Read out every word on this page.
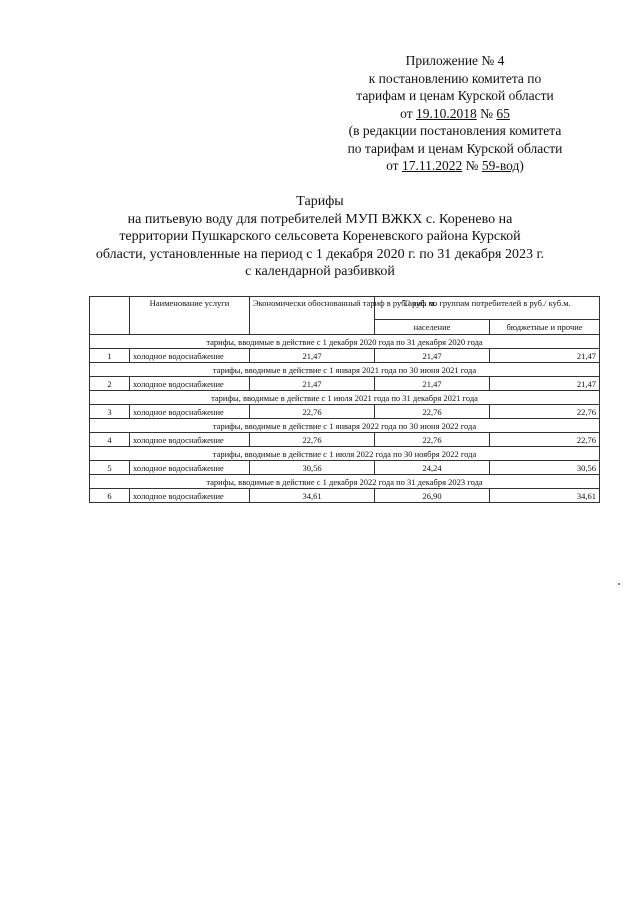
Приложение № 4
к постановлению комитета по
тарифам и ценам Курской области
от 19.10.2018 № 65
(в редакции постановления комитета
по тарифам и ценам Курской области
от 17.11.2022 № 59-вод)
Тарифы
на питьевую воду для потребителей МУП ВЖКХ с. Коренево на
территории Пушкарского сельсовета Кореневского района Курской
области, установленные на период с 1 декабря 2020 г. по 31 декабря 2023 г.
с календарной разбивкой
	Наименование услуги	Экономически обоснованный тариф в руб./ куб. м.	Тариф по группам потребителей в руб./ куб.м.	
			население	бюджетные и прочие
тарифы, вводимые в действие с 1 декабря 2020 года по 31 декабря 2020 года				
1	холодное водоснабжение	21,47	21,47	21,47
тарифы, вводимые в действие с 1 января 2021 года по 30 июня 2021 года				
2	холодное водоснабжение	21,47	21,47	21,47
тарифы, вводимые в действие с 1 июля 2021 года по 31 декабря 2021 года				
3	холодное водоснабжение	22,76	22,76	22,76
тарифы, вводимые в действие с 1 января 2022 года по 30 июня 2022 года				
4	холодное водоснабжение	22,76	22,76	22,76
тарифы, вводимые в действие с 1 июля 2022 года по 30 ноября 2022 года				
5	холодное водоснабжение	30,56	24,24	30,56
тарифы, вводимые в действие с 1 декабря 2022 года по 31 декабря 2023 года				
6	холодное водоснабжение	34,61	26,90	34,61
